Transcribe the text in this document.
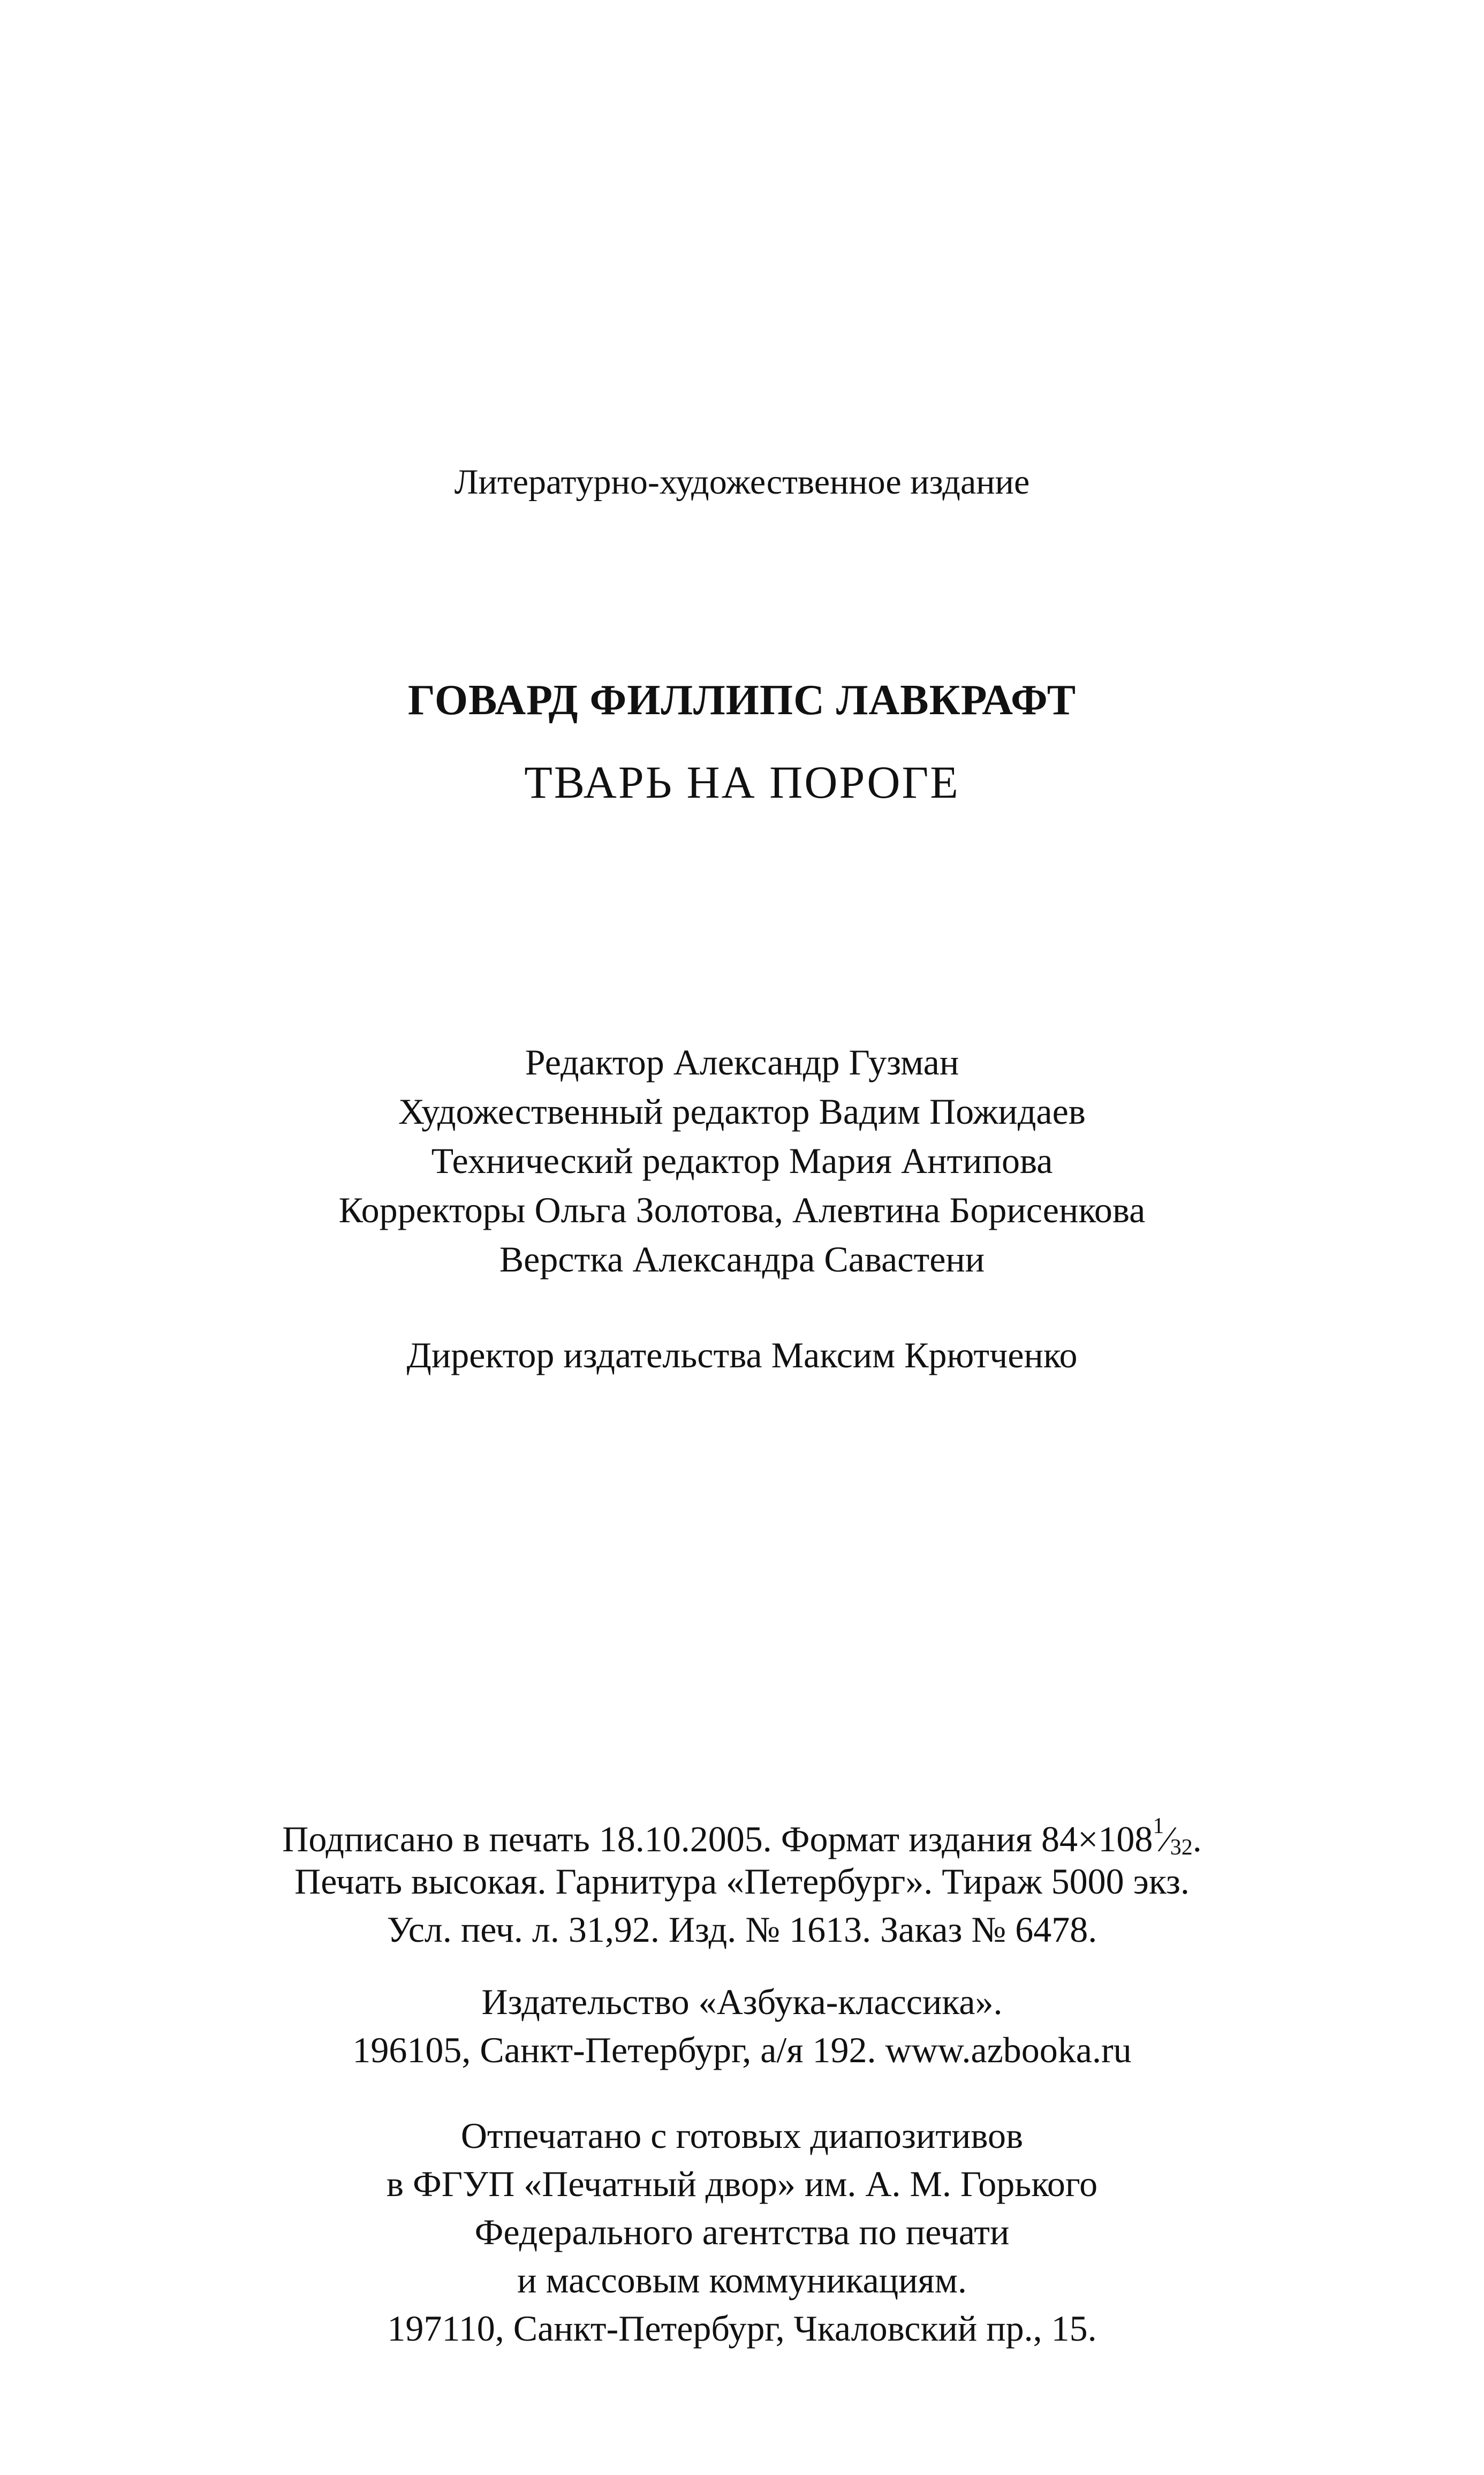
Литературно-художественное издание
ГОВАРД ФИЛЛИПС ЛАВКРАФТ
ТВАРЬ НА ПОРОГЕ
Редактор Александр Гузман
Художественный редактор Вадим Пожидаев
Технический редактор Мария Антипова
Корректоры Ольга Золотова, Алевтина Борисенкова
Верстка Александра Савастени
Директор издательства Максим Крютченко
Подписано в печать 18.10.2005. Формат издания $84\times 108^1⁄32$.
Печать высокая. Гарнитура «Петербург». Тираж 5000 экз.
Усл. печ. л. 31,92. Изд. № 1613. Заказ № 6478.
Издательство «Азбука-классика».
196105, Санкт-Петербург, а/я 192. www.azbooka.ru
Отпечатано с готовых диапозитивов
в ФГУП «Печатный двор» им. А. М. Горького
Федерального агентства по печати
и массовым коммуникациям.
197110, Санкт-Петербург, Чкаловский пр., 15.
